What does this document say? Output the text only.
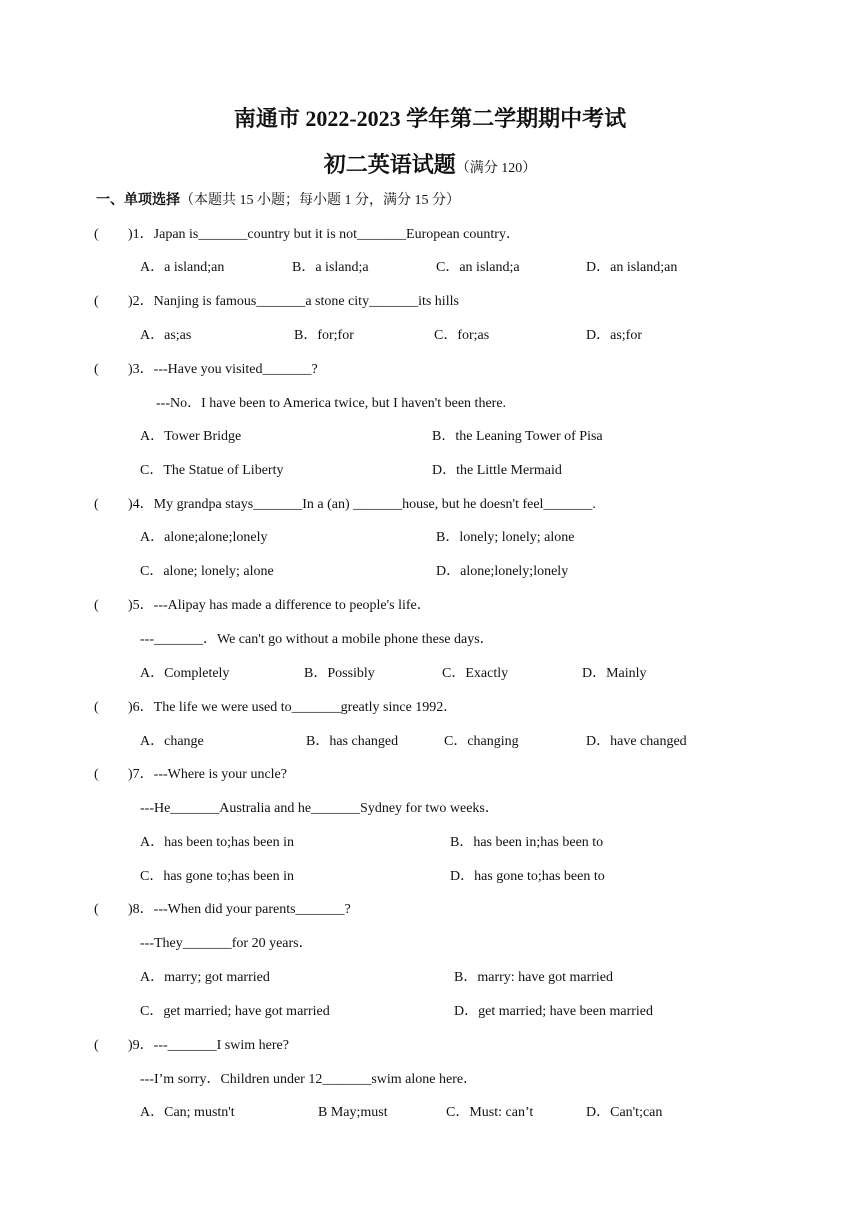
南通市 2022-2023 学年第二学期期中考试
初二英语试题（满分 120）
一、单项选择（本题共 15 小题；每小题 1 分，满分 15 分）
( )1．Japan is_______country but it is not_______European country．
A．a island;an	B．a island;a	C．an island;a	D．an island;an
( )2．Nanjing is famous_______a stone city_______its hills
A．as;as	B．for;for	C．for;as	D．as;for
( )3．---Have you visited_______?
---No．I have been to America twice, but I haven't been there.
A．Tower Bridge	B．the Leaning Tower of Pisa
C．The Statue of Liberty	D．the Little Mermaid
( )4．My grandpa stays_______In a (an) _______house, but he doesn't feel_______.
A．alone;alone;lonely	B．lonely; lonely; alone
C．alone; lonely; alone	D．alone;lonely;lonely
( )5．---Alipay has made a difference to people's life．
---_______．We can't go without a mobile phone these days．
A．Completely	B．Possibly	C．Exactly	D．Mainly
( )6．The life we were used to_______greatly since 1992．
A．change	B．has changed	C．changing	D．have changed
( )7．---Where is your uncle?
---He_______Australia and he_______Sydney for two weeks．
A．has been to;has been in	B．has been in;has been to
C．has gone to;has been in	D．has gone to;has been to
( )8．---When did your parents_______?
---They_______for 20 years．
A．marry; got married	B．marry: have got married
C．get married; have got married	D．get married; have been married
( )9．---_______I swim here?
---I’m sorry．Children under 12_______swim alone here．
A．Can; mustn't	B May;must	C．Must: can’t	D．Can't;can
